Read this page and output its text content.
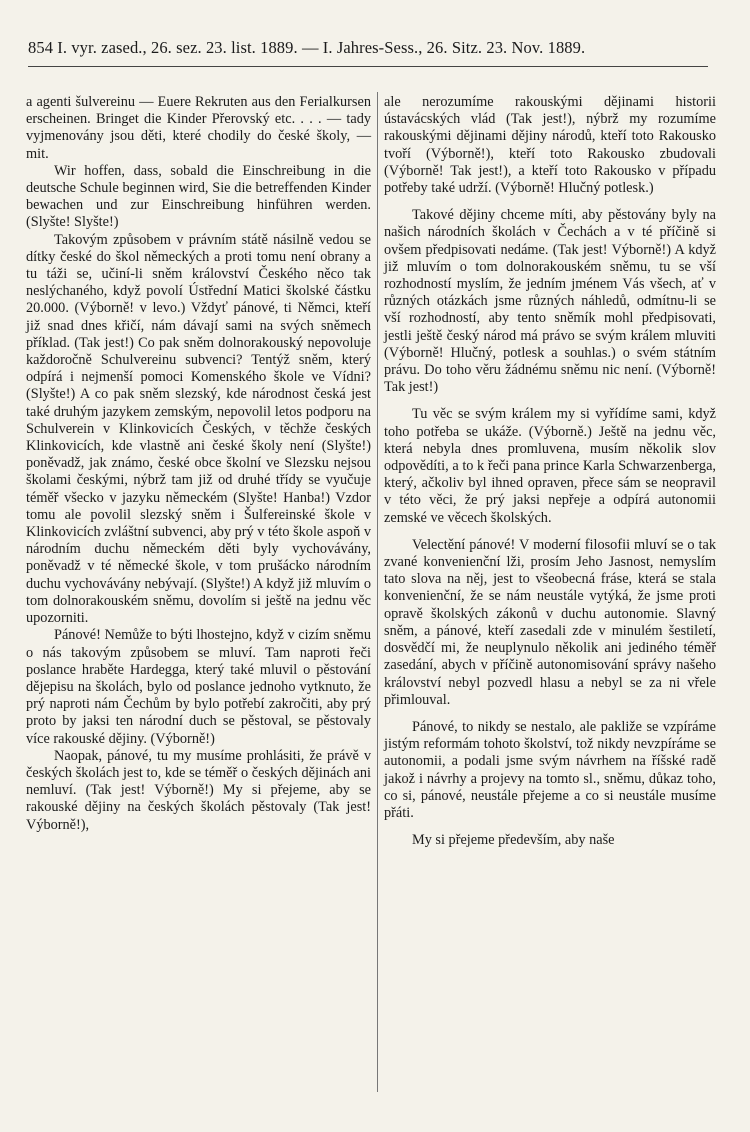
854 I. vyr. zased., 26. sez. 23. list. 1889. — I. Jahres-Sess., 26. Sitz. 23. Nov. 1889.

a agenti šulvereinu — Euere Rekruten aus den Ferialkursen erscheinen. Bringet die Kinder Přerovský etc. . . . — tady vyjmenovány jsou děti, které chodily do české školy, — mit.

Wir hoffen, dass, sobald die Einschreibung in die deutsche Schule beginnen wird, Sie die betreffenden Kinder bewachen und zur Einschreibung hinführen werden. (Slyšte! Slyšte!)

Takovým způsobem v právním státě násilně vedou se dítky české do škol německých a proti tomu není obrany a tu táži se, učiní-li sněm království Českého něco tak neslýchaného, když povolí Ústřední Matici školské částku 20.000. (Výborně! v levo.) Vždyť pánové, ti Němci, kteří již snad dnes křičí, nám dávají sami na svých sněmech příklad. (Tak jest!) Co pak sněm dolnorakouský nepovoluje každoročně Schulvereinu subvenci? Tentýž sněm, který odpírá i nejmenší pomoci Komenského škole ve Vídni? (Slyšte!) A co pak sněm slezský, kde národnost česká jest také druhým jazykem zemským, nepovolil letos podporu na Schulverein v Klinkovicích Českých, v těchže českých Klinkovicích, kde vlastně ani české školy není (Slyšte!) poněvadž, jak známo, české obce školní ve Slezsku nejsou školami českými, nýbrž tam již od druhé třídy se vyučuje téměř všecko v jazyku německém (Slyšte! Hanba!) Vzdor tomu ale povolil slezský sněm i Šulfereinské škole v Klinkovicích zvláštní subvenci, aby prý v této škole aspoň v národním duchu německém děti byly vychovávány, poněvadž v té německé škole, v tom prušácko národním duchu vychovávány nebývají. (Slyšte!) A když již mluvím o tom dolnorakouském sněmu, dovolím si ještě na jednu věc upozorniti.

Pánové! Nemůže to býti lhostejno, když v cizím sněmu o nás takovým způsobem se mluví. Tam naproti řeči poslance hraběte Hardegga, který také mluvil o pěstování dějepisu na školách, bylo od poslance jednoho vytknuto, že prý naproti nám Čechům by bylo potřebí zakročiti, aby prý proto by jaksi ten národní duch se pěstoval, se pěstovaly více rakouské dějiny. (Výborně!)

Naopak, pánové, tu my musíme prohlásiti, že právě v českých školách jest to, kde se téměř o českých dějinách ani nemluví. (Tak jest! Výborně!) My si přejeme, aby se rakouské dějiny na českých školách pěstovaly (Tak jest! Výborně!),

ale nerozumíme rakouskými dějinami historii ústavácských vlád (Tak jest!), nýbrž my rozumíme rakouskými dějinami dějiny národů, kteří toto Rakousko tvoří (Výborně!), kteří toto Rakousko zbudovali (Výborně! Tak jest!), a kteří toto Rakousko v případu potřeby také udrží. (Výborně! Hlučný potlesk.)

Takové dějiny chceme míti, aby pěstovány byly na našich národních školách v Čechách a v té příčině si ovšem předpisovati nedáme. (Tak jest! Výborně!) A když již mluvím o tom dolnorakouském sněmu, tu se vší rozhodností myslím, že jedním jménem Vás všech, ať v různých otázkách jsme různých náhledů, odmítnu-li se vší rozhodností, aby tento sněmík mohl předpisovati, jestli ještě český národ má právo se svým králem mluviti (Výborně! Hlučný, potlesk a souhlas.) o svém státním právu. Do toho věru žádnému sněmu nic není. (Výborně! Tak jest!)

Tu věc se svým králem my si vyřídíme sami, když toho potřeba se ukáže. (Výborně.) Ještě na jednu věc, která nebyla dnes promluvena, musím několik slov odpovědíti, a to k řeči pana prince Karla Schwarzenberga, který, ačkoliv byl ihned opraven, přece sám se neopravil v této věci, že prý jaksi nepřeje a odpírá autonomii zemské ve věcech školských.

Velectění pánové! V moderní filosofii mluví se o tak zvané konvenienční lži, prosím Jeho Jasnost, nemyslím tato slova na něj, jest to všeobecná fráse, která se stala konvenienční, že se nám neustále vytýká, že jsme proti opravě školských zákonů v duchu autonomie. Slavný sněm, a pánové, kteří zasedali zde v minulém šestiletí, dosvědčí mi, že neuplynulo několik ani jediného téměř zasedání, abych v příčině autonomisování správy našeho království nebyl pozvedl hlasu a nebyl se za ni vřele přimlouval.

Pánové, to nikdy se nestalo, ale pakliže se vzpíráme jistým reformám tohoto školství, tož nikdy nevzpíráme se autonomii, a podali jsme svým návrhem na říšské radě jakož i návrhy a projevy na tomto sl., sněmu, důkaz toho, co si, pánové, neustále přejeme a co si neustále musíme přáti.

My si přejeme především, aby naše
